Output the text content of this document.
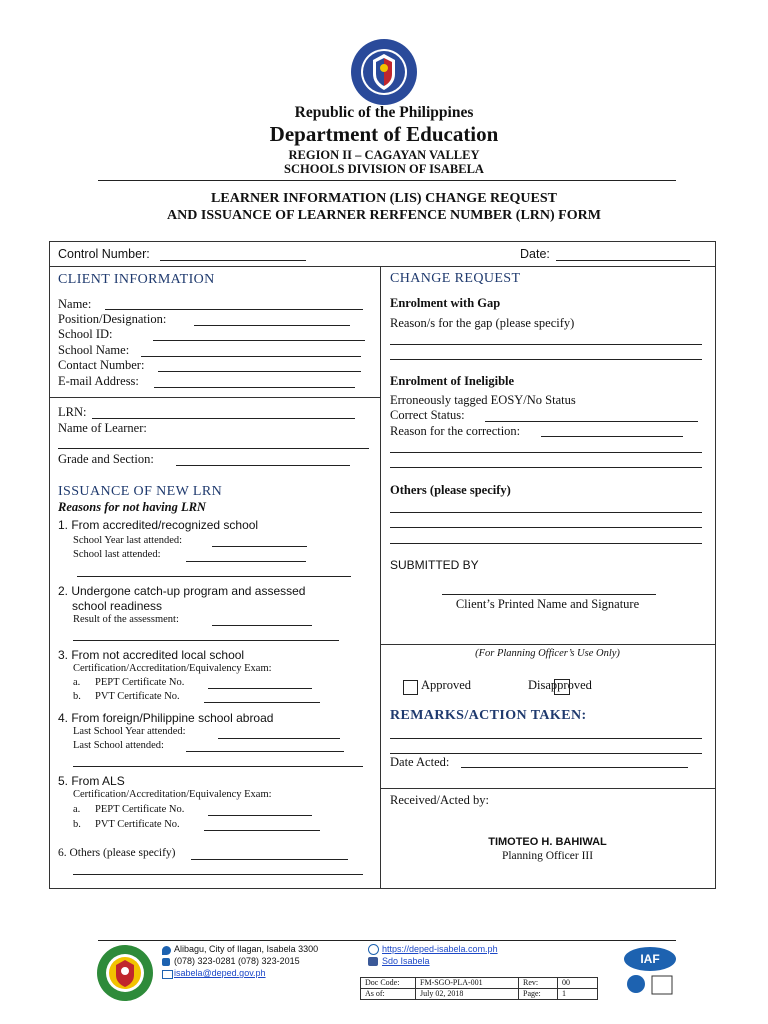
Republic of the Philippines
Department of Education
REGION II – CAGAYAN VALLEY
SCHOOLS DIVISION OF ISABELA
LEARNER INFORMATION (LIS) CHANGE REQUEST
AND ISSUANCE OF LEARNER RERFENCE NUMBER (LRN) FORM
Control Number:	Date:
CLIENT INFORMATION
Name:
Position/Designation:
School ID:
School Name:
Contact Number:
E-mail Address:
LRN:
Name of Learner:
Grade and Section:
ISSUANCE OF NEW LRN
Reasons for not having LRN
1. From accredited/recognized school
School Year last attended:
School last attended:
2. Undergone catch-up program and assessed
school readiness
Result of the assessment:
3. From not accredited local school
Certification/Accreditation/Equivalency Exam:
a. PEPT Certificate No.
b. PVT Certificate No.
4. From foreign/Philippine school abroad
Last School Year attended:
Last School attended:
5. From ALS
Certification/Accreditation/Equivalency Exam:
a. PEPT Certificate No.
b. PVT Certificate No.
6. Others (please specify)
CHANGE REQUEST
Enrolment with Gap
Reason/s for the gap (please specify)
Enrolment of Ineligible
Erroneously tagged EOSY/No Status
Correct Status:
Reason for the correction:
Others (please specify)
SUBMITTED BY
Client’s Printed Name and Signature
(For Planning Officer’s Use Only)
Approved	Disapproved
REMARKS/ACTION TAKEN:
Date Acted:
Received/Acted by:
TIMOTEO H. BAHIWAL
Planning Officer III
Alibagu, City of Ilagan, Isabela 3300
(078) 323-0281 (078) 323-2015
isabela@deped.gov.ph
https://deped-isabela.com.ph
Sdo Isabela
Doc Code:	FM-SGO-PLA-001	Rev:	00
As of:	July 02, 2018	Page:	1
IAF
